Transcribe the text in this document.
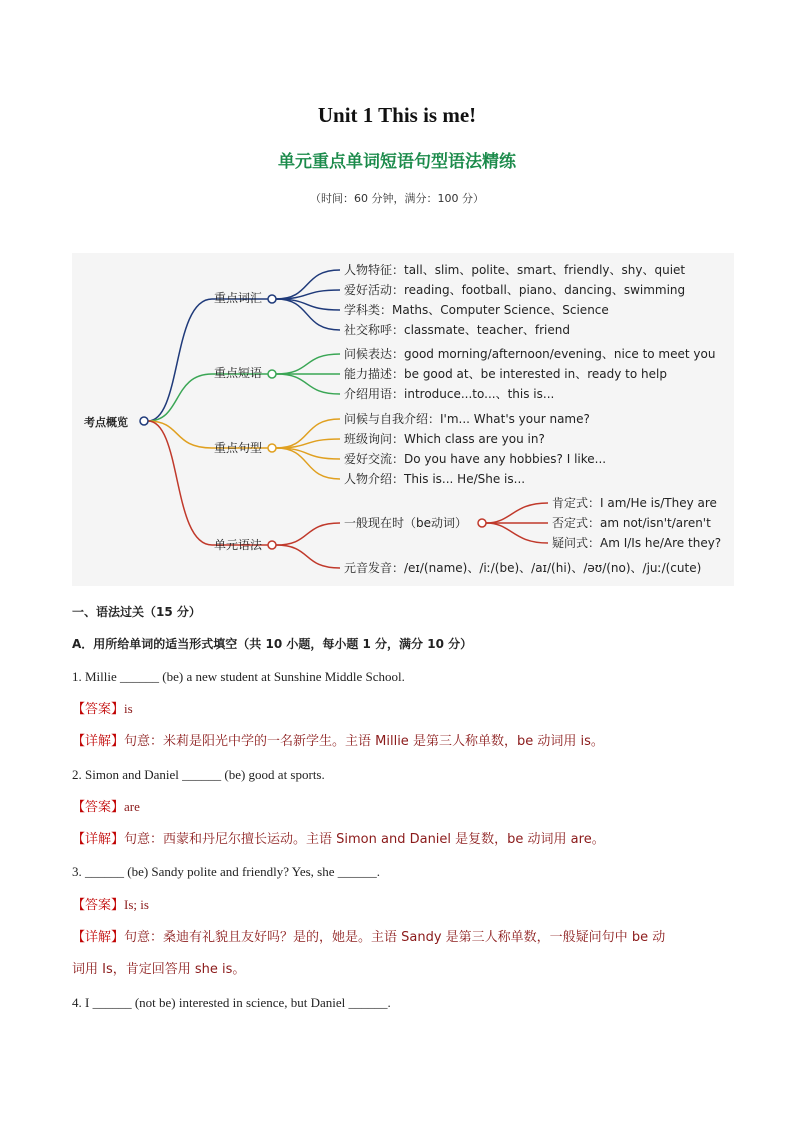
Unit 1 This is me!
单元重点单词短语句型语法精练
（时间：60 分钟，满分：100 分）
考点概览
重点词汇
人物特征：tall、slim、polite、smart、friendly、shy、quiet
爱好活动：reading、football、piano、dancing、swimming
学科类：Maths、Computer Science、Science
社交称呼：classmate、teacher、friend
重点短语
问候表达：good morning/afternoon/evening、nice to meet you
能力描述：be good at、be interested in、ready to help
介绍用语：introduce...to...、this is...
重点句型
问候与自我介绍：I'm... What's your name?
班级询问：Which class are you in?
爱好交流：Do you have any hobbies? I like...
人物介绍：This is... He/She is...
单元语法
一般现在时（be动词）
元音发音：/eɪ/(name)、/iː/(be)、/aɪ/(hi)、/əʊ/(no)、/juː/(cute)
肯定式：I am/He is/They are
否定式：am not/isn't/aren't
疑问式：Am I/Is he/Are they?
一、语法过关（15 分）
A．用所给单词的适当形式填空（共 10 小题，每小题 1 分，满分 10 分）
1. Millie ______ (be) a new student at Sunshine Middle School.
【答案】is
【详解】句意：米莉是阳光中学的一名新学生。主语 Millie 是第三人称单数，be 动词用 is。
2. Simon and Daniel ______ (be) good at sports.
【答案】are
【详解】句意：西蒙和丹尼尔擅长运动。主语 Simon and Daniel 是复数，be 动词用 are。
3. ______ (be) Sandy polite and friendly? Yes, she ______.
【答案】Is; is
【详解】句意：桑迪有礼貌且友好吗？是的，她是。主语 Sandy 是第三人称单数，一般疑问句中 be 动
词用 Is，肯定回答用 she is。
4. I ______ (not be) interested in science, but Daniel ______.
